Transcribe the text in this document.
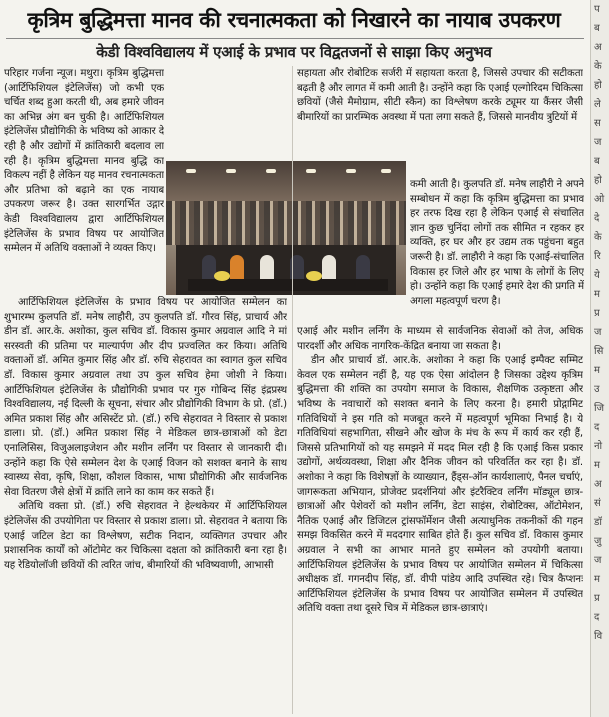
कृत्रिम बुद्धिमत्ता मानव की रचनात्मकता को निखारने का नायाब उपकरण
केडी विश्वविद्यालय में एआई के प्रभाव पर विद्वतजनों से साझा किए अनुभव

परिहार गर्जना न्यूज। मथुरा। कृत्रिम बुद्धिमत्ता (आर्टिफिशियल इंटेलिजेंस) जो कभी एक चर्चित शब्द हुआ करती थी, अब हमारे जीवन का अभिन्न अंग बन चुकी है। आर्टिफिशियल इंटेलिजेंस प्रौद्योगिकी के भविष्य को आकार दे रही है और उद्योगों में क्रांतिकारी बदलाव ला रही है। कृत्रिम बुद्धिमत्ता मानव बुद्धि का विकल्प नहीं है लेकिन यह मानव रचनात्मकता और प्रतिभा को बढ़ाने का एक नायाब उपकरण जरूर है। उक्त सारगर्भित उद्गार केडी विश्वविद्यालय द्वारा आर्टिफिशियल इंटेलिजेंस के प्रभाव विषय पर आयोजित सम्मेलन में अतिथि वक्ताओं ने व्यक्त किए।

आर्टिफिशियल इंटेलिजेंस के प्रभाव विषय पर आयोजित सम्मेलन का शुभारम्भ कुलपति डॉ. मनेष लाहौरी, उप कुलपति डॉ. गौरव सिंह, प्राचार्य और डीन डॉ. आर.के. अशोका, कुल सचिव डॉ. विकास कुमार अग्रवाल आदि ने मां सरस्वती की प्रतिमा पर माल्यार्पण और दीप प्रज्वलित कर किया। अतिथि वक्ताओं डॉ. अमित कुमार सिंह और डॉ. रुचि सेहरावत का स्वागत कुल सचिव डॉ. विकास कुमार अग्रवाल तथा उप कुल सचिव हेमा जोशी ने किया। आर्टिफिशियल इंटेलिजेंस के प्रौद्योगिकी प्रभाव पर गुरु गोबिन्द सिंह इंद्रप्रस्थ विश्वविद्यालय, नई दिल्ली के सूचना, संचार और प्रौद्योगिकी विभाग के प्रो. (डॉ.) अमित प्रकाश सिंह और असिस्टेंट प्रो. (डॉ.) रुचि सेहरावत ने विस्तार से प्रकाश डाला। प्रो. (डॉ.) अमित प्रकाश सिंह ने मेडिकल छात्र-छात्राओं को डेटा एनालिसिस, विजुअलाइजेशन और मशीन लर्निंग पर विस्तार से जानकारी दी। उन्होंने कहा कि ऐसे सम्मेलन देश के एआई विजन को सशक्त बनाने के साथ स्वास्थ्य सेवा, कृषि, शिक्षा, कौशल विकास, भाषा प्रौद्योगिकी और सार्वजनिक सेवा वितरण जैसे क्षेत्रों में क्रांति लाने का काम कर सकते हैं।

अतिथि वक्ता प्रो. (डॉ.) रुचि सेहरावत ने हेल्थकेयर में आर्टिफिशियल इंटेलिजेंस की उपयोगिता पर विस्तार से प्रकाश डाला। प्रो. सेहरावत ने बताया कि एआई जटिल डेटा का विश्लेषण, सटीक निदान, व्यक्तिगत उपचार और प्रशासनिक कार्यों को ऑटोमेट कर चिकित्सा दक्षता को क्रांतिकारी बना रहा है। यह रेडियोलॉजी छवियों की त्वरित जांच, बीमारियों की भविष्यवाणी, आभासी

सहायता और रोबोटिक सर्जरी में सहायता करता है, जिससे उपचार की सटीकता बढ़ती है और लागत में कमी आती है। उन्होंने कहा कि एआई एल्गोरिदम चिकित्सा छवियों (जैसे मैमोग्राम, सीटी स्कैन) का विश्लेषण करके ट्यूमर या कैंसर जैसी बीमारियों का प्रारम्भिक अवस्था में पता लगा सकते हैं, जिससे मानवीय त्रुटियों में

कमी आती है। कुलपति डॉ. मनेष लाहौरी ने अपने सम्बोधन में कहा कि कृत्रिम बुद्धिमत्ता का प्रभाव हर तरफ दिख रहा है लेकिन एआई से संचालित ज्ञान कुछ चुनिंदा लोगों तक सीमित न रहकर हर व्यक्ति, हर घर और हर उद्यम तक पहुंचना बहुत जरूरी है। डॉ. लाहौरी ने कहा कि एआई-संचालित विकास हर जिले और हर भाषा के लोगों के लिए हो। उन्होंने कहा कि एआई हमारे देश की प्रगति में अगला महत्वपूर्ण चरण है।

एआई और मशीन लर्निंग के माध्यम से सार्वजनिक सेवाओं को तेज, अधिक पारदर्शी और अधिक नागरिक-केंद्रित बनाया जा सकता है।

डीन और प्राचार्य डॉ. आर.के. अशोका ने कहा कि एआई इम्पैक्ट सम्मिट केवल एक सम्मेलन नहीं है, यह एक ऐसा आंदोलन है जिसका उद्देश्य कृत्रिम बुद्धिमत्ता की शक्ति का उपयोग समाज के विकास, शैक्षणिक उत्कृष्टता और भविष्य के नवाचारों को सशक्त बनाने के लिए करना है। हमारी प्रोद्गामिट गतिविधियों ने इस गति को मजबूत करने में महत्वपूर्ण भूमिका निभाई है। ये गतिविधियां सहभागिता, सीखने और खोज के मंच के रूप में कार्य कर रही हैं, जिससे प्रतिभागियों को यह समझने में मदद मिल रही है कि एआई किस प्रकार उद्योगों, अर्थव्यवस्था, शिक्षा और दैनिक जीवन को परिवर्तित कर रहा है। डॉ. अशोका ने कहा कि विशेषज्ञों के व्याख्यान, हैंड्स-ऑन कार्यशालाएं, पैनल चर्चाएं, जागरूकता अभियान, प्रोजेक्ट प्रदर्शनियां और इंटरैक्टिव लर्निंग मॉड्यूल छात्र-छात्राओं और पेशेवरों को मशीन लर्निंग, डेटा साइंस, रोबोटिक्स, ऑटोमेशन, नैतिक एआई और डिजिटल ट्रांसफॉर्मेशन जैसी अत्याधुनिक तकनीकों की गहन समझ विकसित करने में मददगार साबित होते हैं। कुल सचिव डॉ. विकास कुमार अग्रवाल ने सभी का आभार मानते हुए सम्मेलन को उपयोगी बताया। आर्टिफिशियल इंटेलिजेंस के प्रभाव विषय पर आयोजित सम्मेलन में चिकित्सा अधीक्षक डॉ. गगनदीप सिंह, डॉ. वीपी पांडेय आदि उपस्थित रहे। चित्र कैप्शनः आर्टिफिशियल इंटेलिजेंस के प्रभाव विषय पर आयोजित सम्मेलन में उपस्थित अतिथि वक्ता तथा दूसरे चित्र में मेडिकल छात्र-छात्राएं।

प
ब
अ
के
हो
ले
स
ज
ब
हो
ओ
दे
के
रि
ये
म
प्र
ज
सि
म
उ
जि
द
नो
म
अ
सं
डॉ
जु
ज
म
प्र
द
वि
